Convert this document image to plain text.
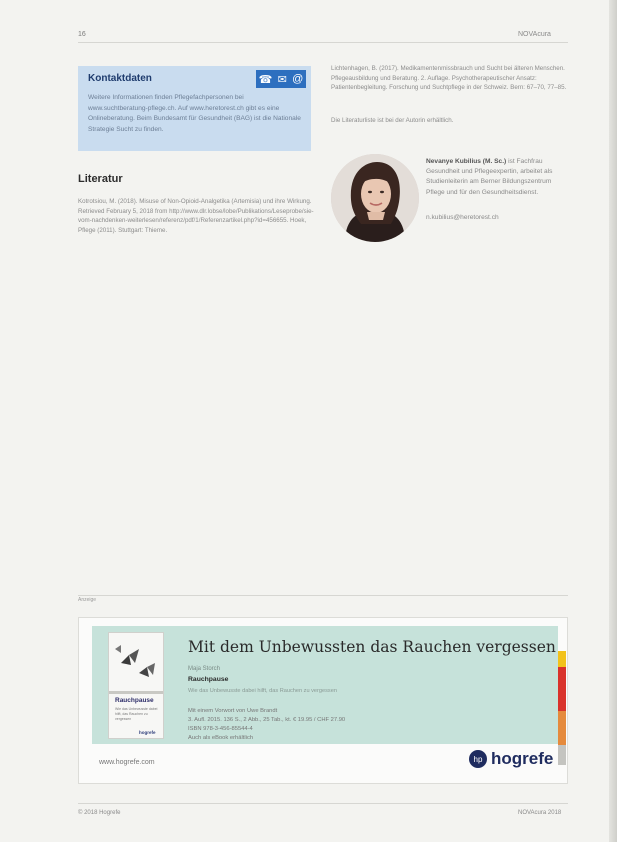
16	NOVAcura
Kontaktdaten	☎ ✉ @
Weitere Informationen finden Pflegefachpersonen bei www.suchtberatung-pflege.ch. Auf www.heretorest.ch gibt es eine Onlineberatung. Beim Bundesamt für Gesundheit (BAG) ist die Nationale Strategie Sucht zu finden.
Literatur
Kotrotsiou, M. (2018). Misuse of Non-Opioid-Analgetika (Artemisia) und ihre Wirkung. Retrieved February 5, 2018 from http://www.dlr.lobse/lobe/Publikations/Leseprobe/sie-vom-nachdenken-weiterlesen/referenz/pdf/1/Referenzartikel.php?id=456655. Hoek, Pflege (2011). Stuttgart: Thieme.
Lichtenhagen, B. (2017). Medikamentenmissbrauch und Sucht bei älteren Menschen. Pflegeausbildung und Beratung. 2. Auflage. Psychotherapeutischer Ansatz: Patientenbegleitung. Forschung und Suchtpflege in der Schweiz. Bern: 67–70, 77–85.
Die Literaturliste ist bei der Autorin erhältlich.
Nevanye Kubilius (M. Sc.) ist Fachfrau Gesundheit und Pflegeexpertin, arbeitet als Studienleiterin am Berner Bildungszentrum Pflege und für den Gesundheitsdienst.
n.kubilius@heretorest.ch
Anzeige
Rauchpause
Wie das Unbewusste dabei hilft, das Rauchen zu vergessen
hogrefe
Mit dem Unbewussten das Rauchen vergessen
Maja Storch
Rauchpause
Wie das Unbewusste dabei hilft, das Rauchen zu vergessen
Mit einem Vorwort von Uwe Brandt
3. Aufl. 2015. 136 S., 2 Abb., 25 Tab., kt. € 19.95 / CHF 27.90
ISBN 978-3-456-85544-4
Auch als eBook erhältlich
www.hogrefe.com	hp hogrefe
© 2018 Hogrefe	NOVAcura 2018
